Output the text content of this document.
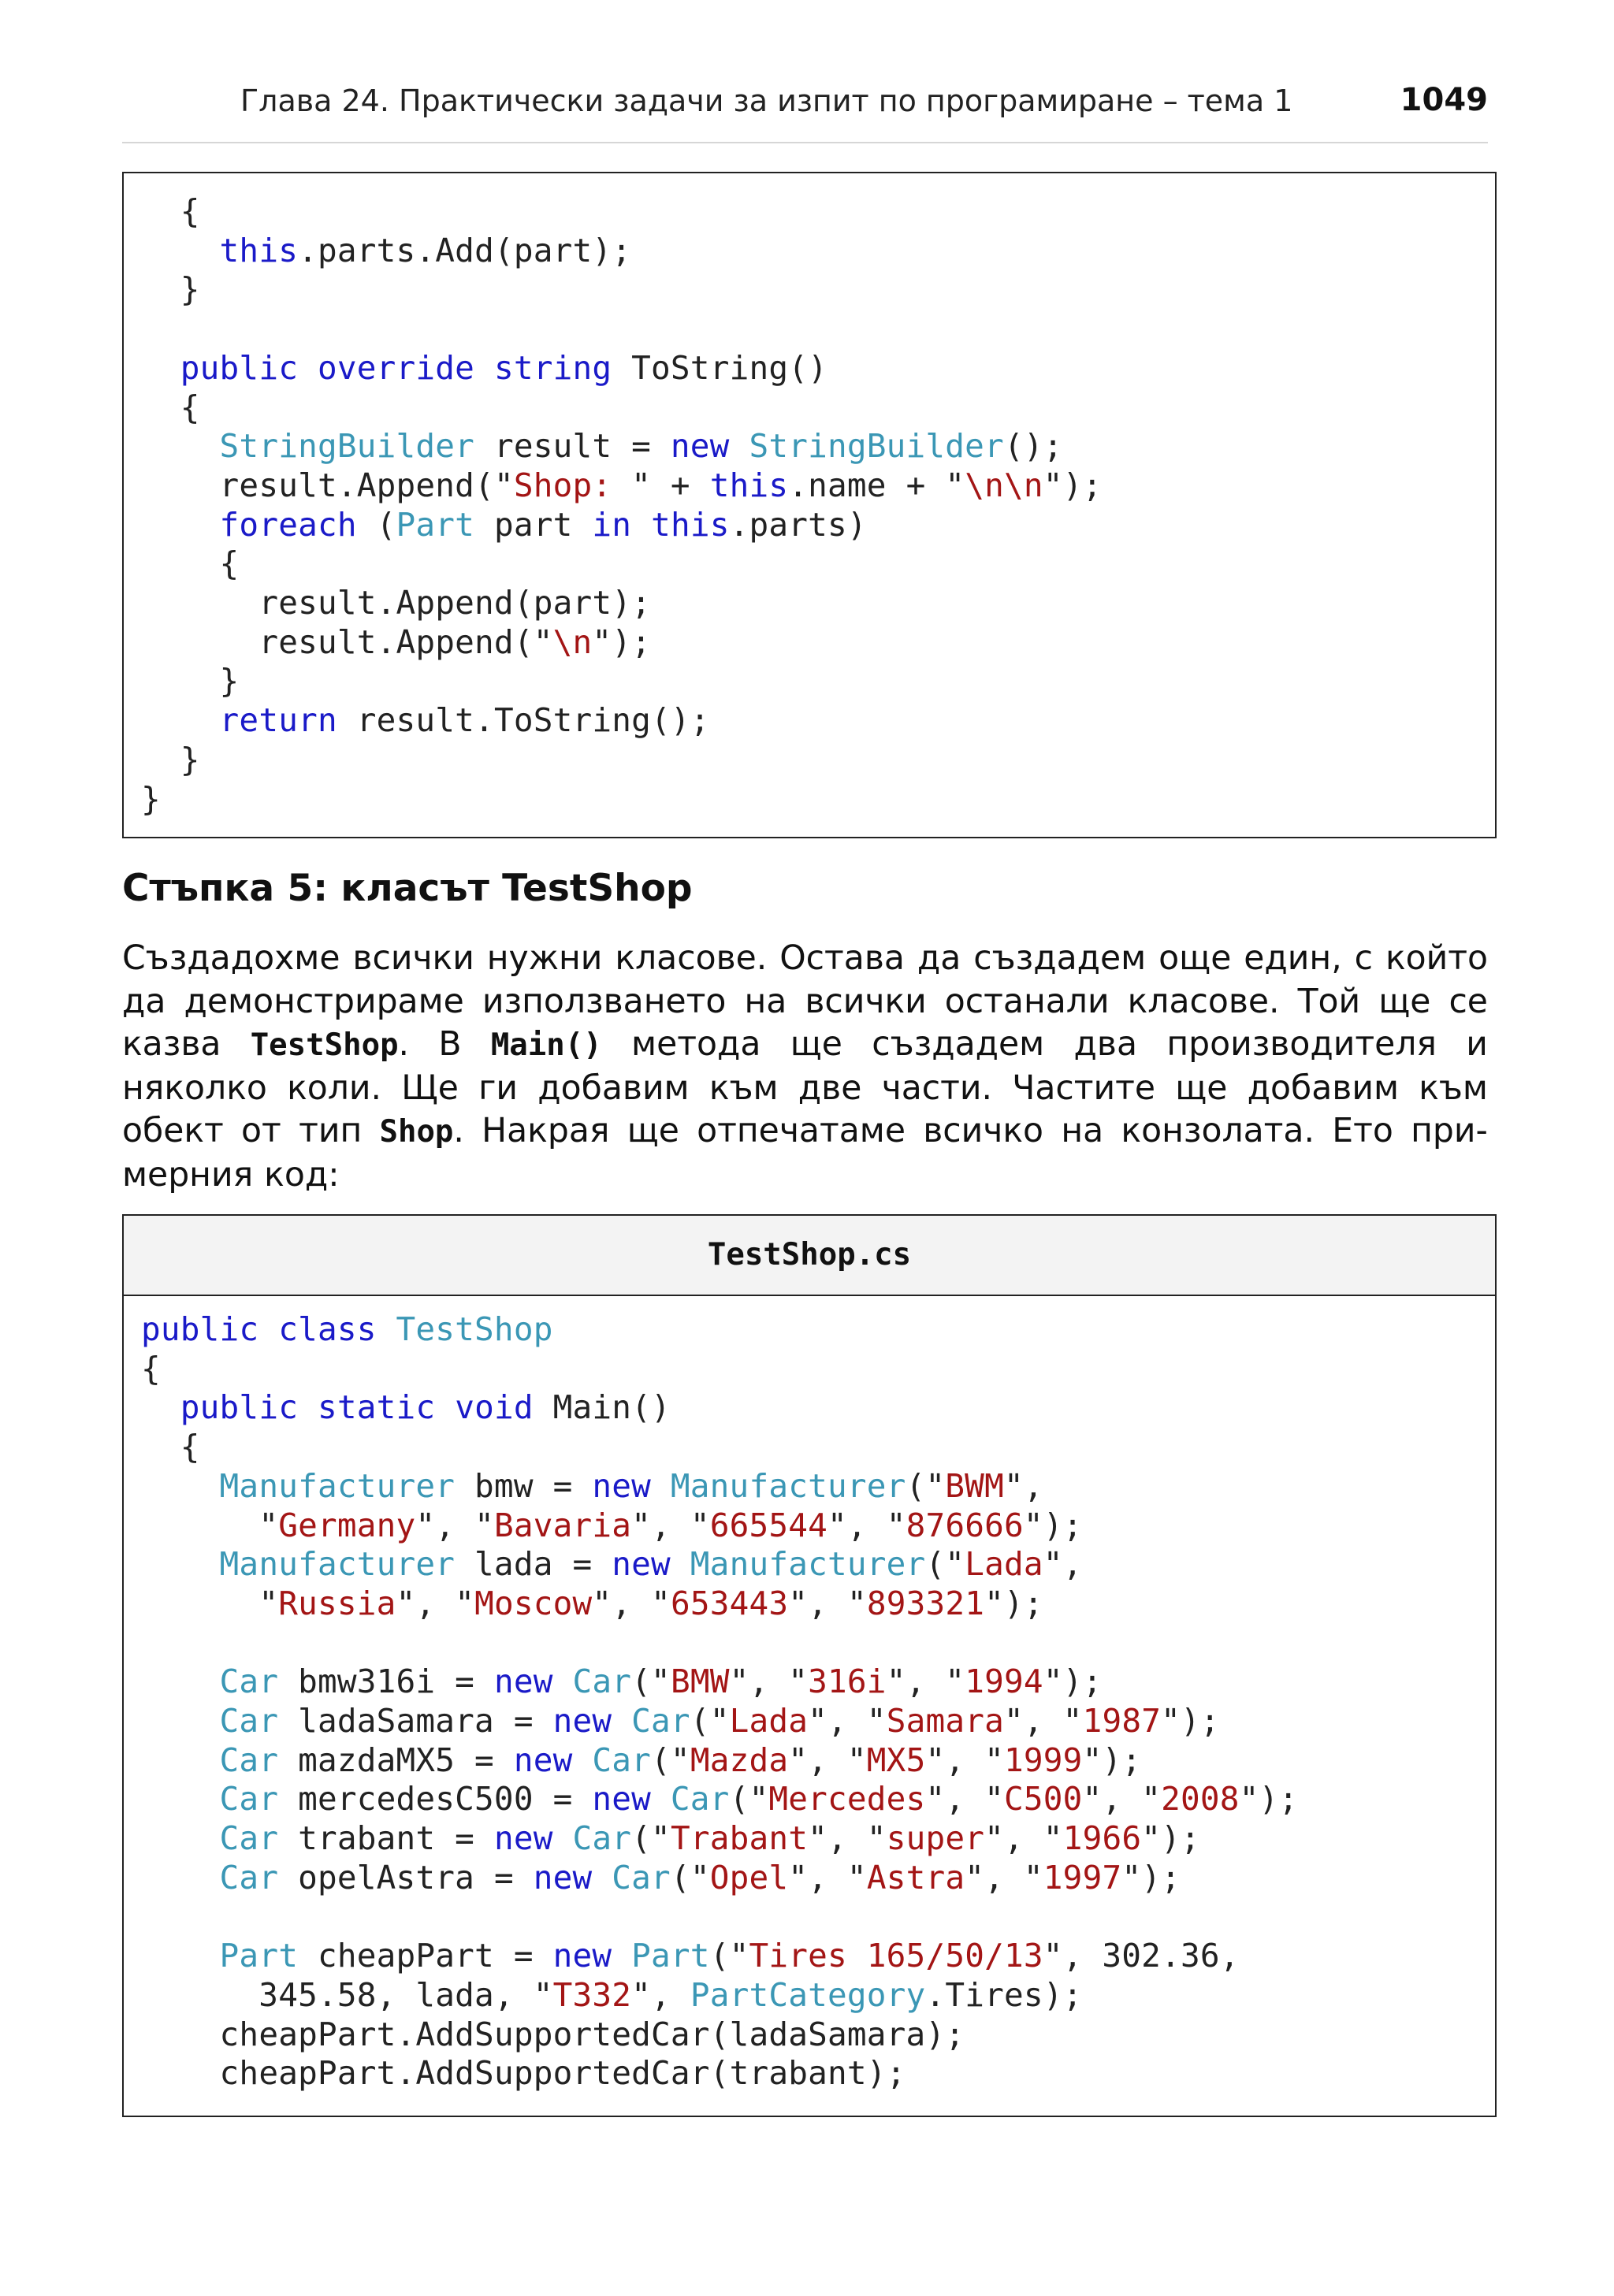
Глава 24. Практически задачи за изпит по програмиране – тема 1	1049
{
this.parts.Add(part);
}

public override string ToString()
{
StringBuilder result = new StringBuilder();
result.Append("Shop: " + this.name + "\n\n");
foreach (Part part in this.parts)
{
result.Append(part);
result.Append("\n");
}
return result.ToString();
}
}
Стъпка 5: класът TestShop
Създадохме всички нужни класове. Остава да създадем още един, с който
да демонстрираме използването на всички останали класове. Той ще се
казва TestShop. В Main() метода ще създадем два производителя и
няколко коли. Ще ги добавим към две части. Частите ще добавим към
обект от тип Shop. Накрая ще отпечатаме всичко на конзолата. Ето при-
мерния код:
TestShop.cs
public class TestShop
{
public static void Main()
{
Manufacturer bmw = new Manufacturer("BWM",
"Germany", "Bavaria", "665544", "876666");
Manufacturer lada = new Manufacturer("Lada",
"Russia", "Moscow", "653443", "893321");

Car bmw316i = new Car("BMW", "316i", "1994");
Car ladaSamara = new Car("Lada", "Samara", "1987");
Car mazdaMX5 = new Car("Mazda", "MX5", "1999");
Car mercedesC500 = new Car("Mercedes", "C500", "2008");
Car trabant = new Car("Trabant", "super", "1966");
Car opelAstra = new Car("Opel", "Astra", "1997");

Part cheapPart = new Part("Tires 165/50/13", 302.36,
345.58, lada, "T332", PartCategory.Tires);
cheapPart.AddSupportedCar(ladaSamara);
cheapPart.AddSupportedCar(trabant);
